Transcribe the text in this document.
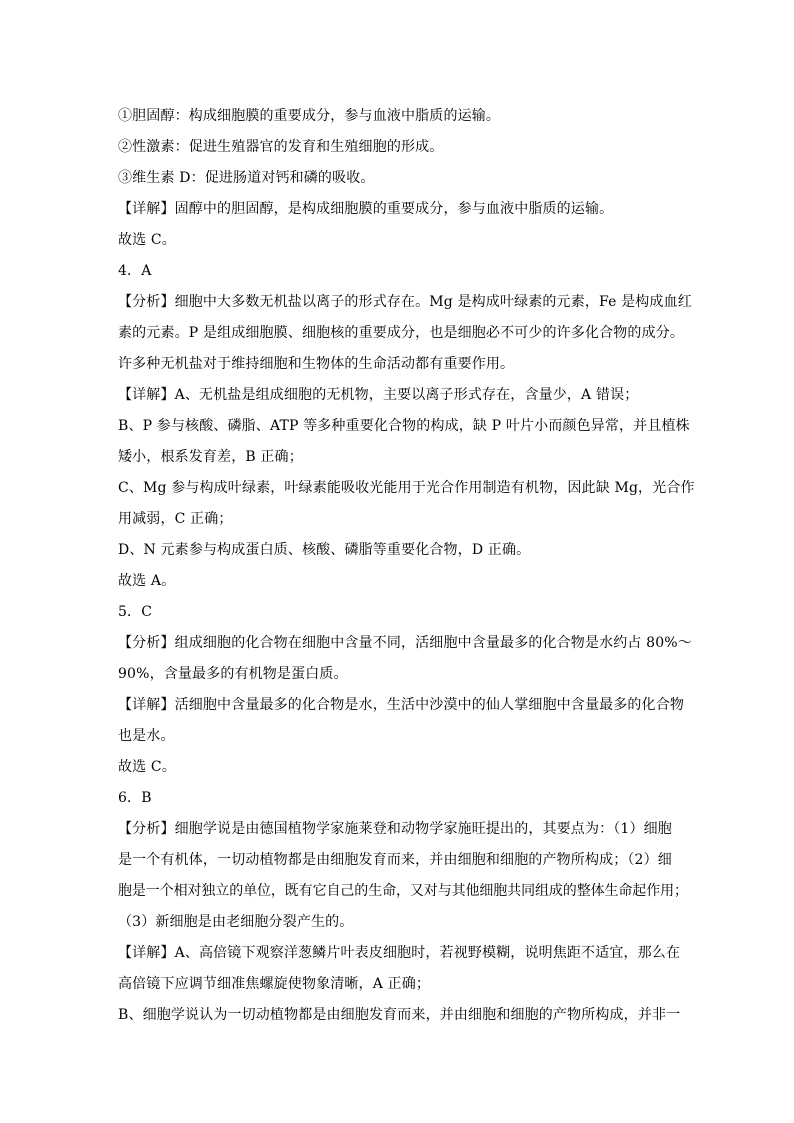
①胆固醇：构成细胞膜的重要成分，参与血液中脂质的运输。
②性激素：促进生殖器官的发育和生殖细胞的形成。
③维生素 D：促进肠道对钙和磷的吸收。
【详解】固醇中的胆固醇，是构成细胞膜的重要成分，参与血液中脂质的运输。
故选 C。
4．A
【分析】细胞中大多数无机盐以离子的形式存在。Mg 是构成叶绿素的元素，Fe 是构成血红
素的元素。P 是组成细胞膜、细胞核的重要成分，也是细胞必不可少的许多化合物的成分。
许多种无机盐对于维持细胞和生物体的生命活动都有重要作用。
【详解】A、无机盐是组成细胞的无机物，主要以离子形式存在，含量少，A 错误；
B、P 参与核酸、磷脂、ATP 等多种重要化合物的构成，缺 P 叶片小而颜色异常，并且植株
矮小，根系发育差，B 正确；
C、Mg 参与构成叶绿素，叶绿素能吸收光能用于光合作用制造有机物，因此缺 Mg，光合作
用减弱，C 正确；
D、N 元素参与构成蛋白质、核酸、磷脂等重要化合物，D 正确。
故选 A。
5．C
【分析】组成细胞的化合物在细胞中含量不同，活细胞中含量最多的化合物是水约占 80%～
90%，含量最多的有机物是蛋白质。
【详解】活细胞中含量最多的化合物是水，生活中沙漠中的仙人掌细胞中含量最多的化合物
也是水。
故选 C。
6．B
【分析】细胞学说是由德国植物学家施莱登和动物学家施旺提出的，其要点为：（1）细胞
是一个有机体，一切动植物都是由细胞发育而来，并由细胞和细胞的产物所构成；（2）细
胞是一个相对独立的单位，既有它自己的生命，又对与其他细胞共同组成的整体生命起作用；
（3）新细胞是由老细胞分裂产生的。
【详解】A、高倍镜下观察洋葱鳞片叶表皮细胞时，若视野模糊，说明焦距不适宜，那么在
高倍镜下应调节细准焦螺旋使物象清晰，A 正确；
B、细胞学说认为一切动植物都是由细胞发育而来，并由细胞和细胞的产物所构成，并非一
